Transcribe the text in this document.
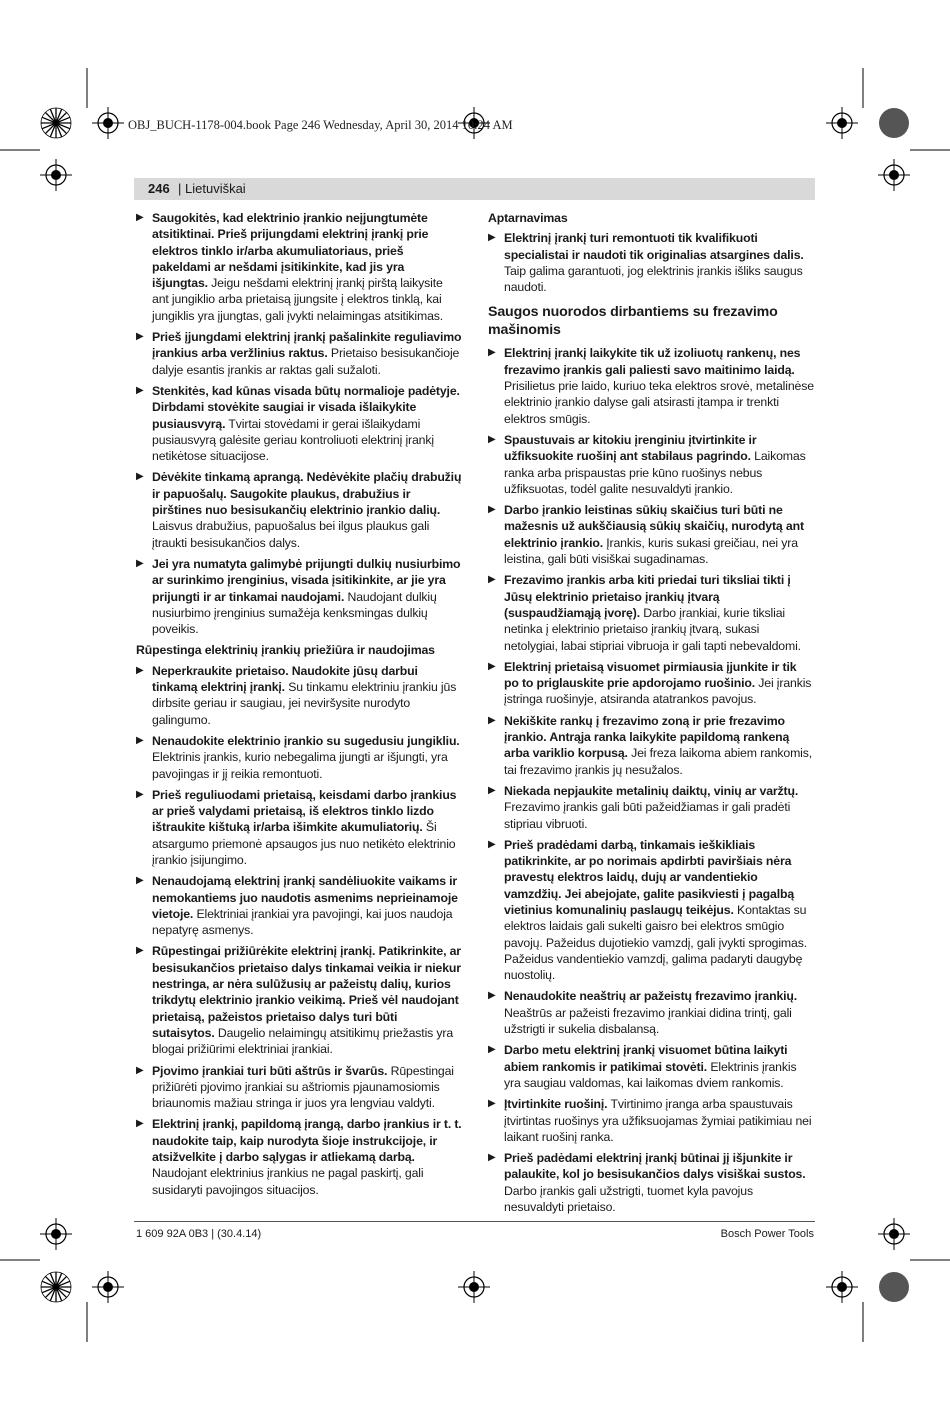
OBJ_BUCH-1178-004.book Page 246 Wednesday, April 30, 2014 10:24 AM
246 | Lietuviškai
▶ Saugokitės, kad elektrinio įrankio neįjungtumėte atsitiktinai. Prieš prijungdami elektrinį įrankį prie elektros tinklo ir/arba akumuliatoriaus, prieš pakeldami ar nešdami įsitikinkite, kad jis yra išjungtas. Jeigu nešdami elektrinį įrankį pirštą laikysite ant jungiklio arba prietaisą įjungsite į elektros tinklą, kai jungiklis yra įjungtas, gali įvykti nelaimingas atsitikimas.
▶ Prieš įjungdami elektrinį įrankį pašalinkite reguliavimo įrankius arba veržlinius raktus. Prietaiso besisukančioje dalyje esantis įrankis ar raktas gali sužaloti.
▶ Stenkitės, kad kūnas visada būtų normalioje padėtyje. Dirbdami stovėkite saugiai ir visada išlaikykite pusiausvyrą. Tvirtai stovėdami ir gerai išlaikydami pusiausvyrą galėsite geriau kontroliuoti elektrinį įrankį netikėtose situacijose.
▶ Dėvėkite tinkamą aprangą. Nedėvėkite plačių drabužių ir papuošalų. Saugokite plaukus, drabužius ir pirštines nuo besisukančių elektrinio įrankio dalių. Laisvus drabužius, papuošalus bei ilgus plaukus gali įtraukti besisukančios dalys.
▶ Jei yra numatyta galimybė prijungti dulkių nusiurbimo ar surinkimo įrenginius, visada įsitikinkite, ar jie yra prijungti ir ar tinkamai naudojami. Naudojant dulkių nusiurbimo įrenginius sumažėja kenksmingas dulkių poveikis.
Rūpestinga elektrinių įrankių priežiūra ir naudojimas
▶ Neperkraukite prietaiso. Naudokite jūsų darbui tinkamą elektrinį įrankį. Su tinkamu elektriniu įrankiu jūs dirbsite geriau ir saugiau, jei neviršysite nurodyto galingumo.
▶ Nenaudokite elektrinio įrankio su sugedusiu jungikliu. Elektrinis įrankis, kurio nebegalima įjungti ar išjungti, yra pavojingas ir jį reikia remontuoti.
▶ Prieš reguliuodami prietaisą, keisdami darbo įrankius ar prieš valydami prietaisą, iš elektros tinklo lizdo ištraukite kištuką ir/arba išimkite akumuliatorių. Ši atsargumo priemonė apsaugos jus nuo netikėto elektrinio įrankio įsijungimo.
▶ Nenaudojamą elektrinį įrankį sandėliuokite vaikams ir nemokantiems juo naudotis asmenims neprieinamoje vietoje. Elektriniai įrankiai yra pavojingi, kai juos naudoja nepatyrę asmenys.
▶ Rūpestingai prižiūrėkite elektrinį įrankį. Patikrinkite, ar besisukančios prietaiso dalys tinkamai veikia ir niekur nestringa, ar nėra sulūžusių ar pažeistų dalių, kurios trikdytų elektrinio įrankio veikimą. Prieš vėl naudojant prietaisą, pažeistos prietaiso dalys turi būti sutaisytos. Daugelio nelaimingų atsitikimų priežastis yra blogai prižiūrimi elektriniai įrankiai.
▶ Pjovimo įrankiai turi būti aštrūs ir švarūs. Rūpestingai prižiūrėti pjovimo įrankiai su aštriomis pjaunamosiomis briaunomis mažiau stringa ir juos yra lengviau valdyti.
▶ Elektrinį įrankį, papildomą įrangą, darbo įrankius ir t. t. naudokite taip, kaip nurodyta šioje instrukcijoje, ir atsižvelkite į darbo sąlygas ir atliekamą darbą. Naudojant elektrinius įrankius ne pagal paskirtį, gali susidaryti pavojingos situacijos.
Aptarnavimas
▶ Elektrinį įrankį turi remontuoti tik kvalifikuoti specialistai ir naudoti tik originalias atsargines dalis. Taip galima garantuoti, jog elektrinis įrankis išliks saugus naudoti.
Saugos nuorodos dirbantiems su frezavimo mašinomis
▶ Elektrinį įrankį laikykite tik už izoliuotų rankenų, nes frezavimo įrankis gali paliesti savo maitinimo laidą. Prisilietus prie laido, kuriuo teka elektros srovė, metalinėse elektrinio įrankio dalyse gali atsirasti įtampa ir trenkti elektros smūgis.
▶ Spaustuvais ar kitokiu įrenginiu įtvirtinkite ir užfiksuokite ruošinį ant stabilaus pagrindo. Laikomas ranka arba prispaustas prie kūno ruošinys nebus užfiksuotas, todėl galite nesuvaldyti įrankio.
▶ Darbo įrankio leistinas sūkių skaičius turi būti ne mažesnis už aukščiausią sūkių skaičių, nurodytą ant elektrinio įrankio. Įrankis, kuris sukasi greičiau, nei yra leistina, gali būti visiškai sugadinamas.
▶ Frezavimo įrankis arba kiti priedai turi tiksliai tikti į Jūsų elektrinio prietaiso įrankių įtvarą (suspaudžiamąją įvorę). Darbo įrankiai, kurie tiksliai netinka į elektrinio prietaiso įrankių įtvarą, sukasi netolygiai, labai stipriai vibruoja ir gali tapti nebevaldomi.
▶ Elektrinį prietaisą visuomet pirmiausia įjunkite ir tik po to priglauskite prie apdorojamo ruošinio. Jei įrankis įstringa ruošinyje, atsiranda atatrankos pavojus.
▶ Nekiškite rankų į frezavimo zoną ir prie frezavimo įrankio. Antrąja ranka laikykite papildomą rankeną arba variklio korpusą. Jei freza laikoma abiem rankomis, tai frezavimo įrankis jų nesužalos.
▶ Niekada nepjaukite metalinių daiktų, vinių ar varžtų. Frezavimo įrankis gali būti pažeidžiamas ir gali pradėti stipriau vibruoti.
▶ Prieš pradėdami darbą, tinkamais ieškikliais patikrinkite, ar po norimais apdirbti paviršiais nėra pravestų elektros laidų, dujų ar vandentiekio vamzdžių. Jei abejojate, galite pasikviesti į pagalbą vietinius komunalinių paslaugų teikėjus. Kontaktas su elektros laidais gali sukelti gaisro bei elektros smūgio pavojų. Pažeidus dujotiekio vamzdį, gali įvykti sprogimas. Pažeidus vandentiekio vamzdį, galima padaryti daugybę nuostolių.
▶ Nenaudokite neaštrių ar pažeistų frezavimo įrankių. Neaštrūs ar pažeisti frezavimo įrankiai didina trintį, gali užstrigti ir sukelia disbalansą.
▶ Darbo metu elektrinį įrankį visuomet būtina laikyti abiem rankomis ir patikimai stovėti. Elektrinis įrankis yra saugiau valdomas, kai laikomas dviem rankomis.
▶ Įtvirtinkite ruošinį. Tvirtinimo įranga arba spaustuvais įtvirtintas ruošinys yra užfiksuojamas žymiai patikimiau nei laikant ruošinį ranka.
▶ Prieš padėdami elektrinį įrankį būtinai jį išjunkite ir palaukite, kol jo besisukančios dalys visiškai sustos. Darbo įrankis gali užstrigti, tuomet kyla pavojus nesuvaldyti prietaiso.
1 609 92A 0B3 | (30.4.14)	Bosch Power Tools
